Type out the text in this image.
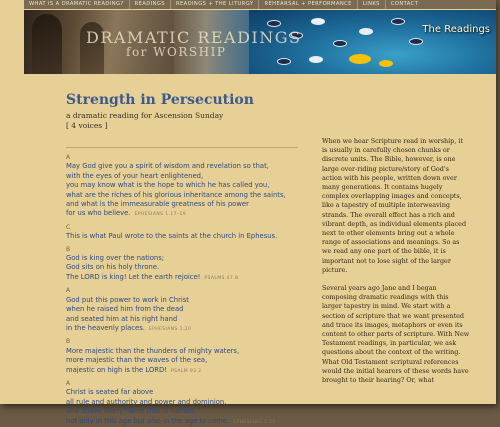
WHAT IS A DRAMATIC READING?	READINGS	READINGS + THE LITURGY	REHEARSAL + PERFORMANCE	LINKS	CONTACT
DRAMATIC READINGS
for WORSHIP
The Readings
Strength in Persecution
a dramatic reading for Ascension Sunday
[ 4 voices ]
A
May God give you a spirit of wisdom and revelation so that,
with the eyes of your heart enlightened,
you may know what is the hope to which he has called you,
what are the riches of his glorious inheritance among the saints,
and what is the immeasurable greatness of his power
for us who believe. EPHESIANS 1.17–19
C
This is what Paul wrote to the saints at the church in Ephesus.
B
God is king over the nations;
God sits on his holy throne.
The LORD is king! Let the earth rejoice! PSALMS 47.8
A
God put this power to work in Christ
when he raised him from the dead
and seated him at his right hand
in the heavenly places. EPHESIANS 1.20
B
More majestic than the thunders of mighty waters,
more majestic than the waves of the sea,
majestic on high is the LORD! PSALM 93.2
A
Christ is seated far above
all rule and authority and power and dominion,
and above every name that is named,
not only in this age but also in the age to come. EPHESIANS 1.21

When we hear Scripture read in worship, it is usually in carefully chosen chunks or discrete units. The Bible, however, is one large over-riding picture/story of God's action with his people, written down over many generations. It contains hugely complex overlapping images and concepts, like a tapestry of multiple interweaving strands. The overall effect has a rich and vibrant depth, as individual elements placed next to other elements bring out a whole range of associations and meanings. So as we read any one part of the bible, it is important not to lose sight of the larger picture.

Several years ago Jane and I began composing dramatic readings with this larger tapestry in mind. We start with a section of scripture that we want presented and trace its images, metaphors or even its content to other parts of scripture. With New Testament readings, in particular, we ask questions about the context of the writing. What Old Testament scriptural references would the initial hearers of these words have brought to their hearing? Or, what
